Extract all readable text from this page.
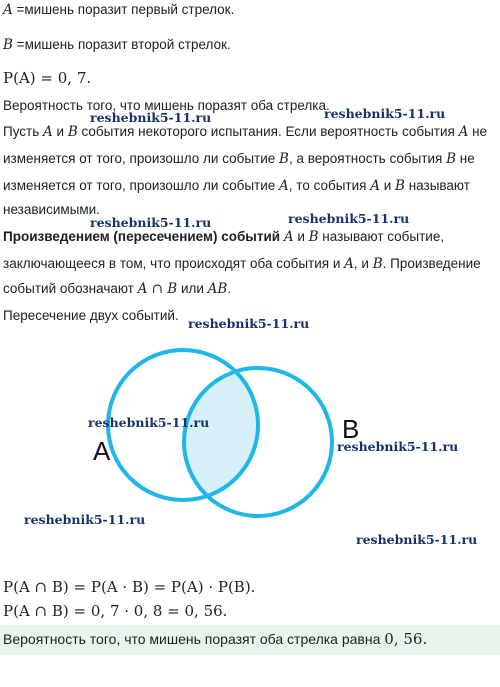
A =мишень поразит первый стрелок.
B =мишень поразит второй стрелок.
P(A) = 0, 7.
Вероятность того, что мишень поразят оба стрелка.
Пусть A и B события некоторого испытания. Если вероятность события A не
изменяется от того, произошло ли событие B, а вероятность события B не
изменяется от того, произошло ли событие A, то события A и B называют
независимыми.
Произведением (пересечением) событий A и B называют событие,
заключающееся в том, что происходят оба события и A, и B. Произведение
событий обозначают A ∩ B или AB.
Пересечение двух событий.
A
B
P(A ∩ B) = P(A · B) = P(A) · P(B).
P(A ∩ B) = 0, 7 · 0, 8 = 0, 56.
Вероятность того, что мишень поразят оба стрелка равна 0, 56.
reshebnik5-11.ru	reshebnik5-11.ru
reshebnik5-11.ru	reshebnik5-11.ru
reshebnik5-11.ru
reshebnik5-11.ru
reshebnik5-11.ru
reshebnik5-11.ru
reshebnik5-11.ru
